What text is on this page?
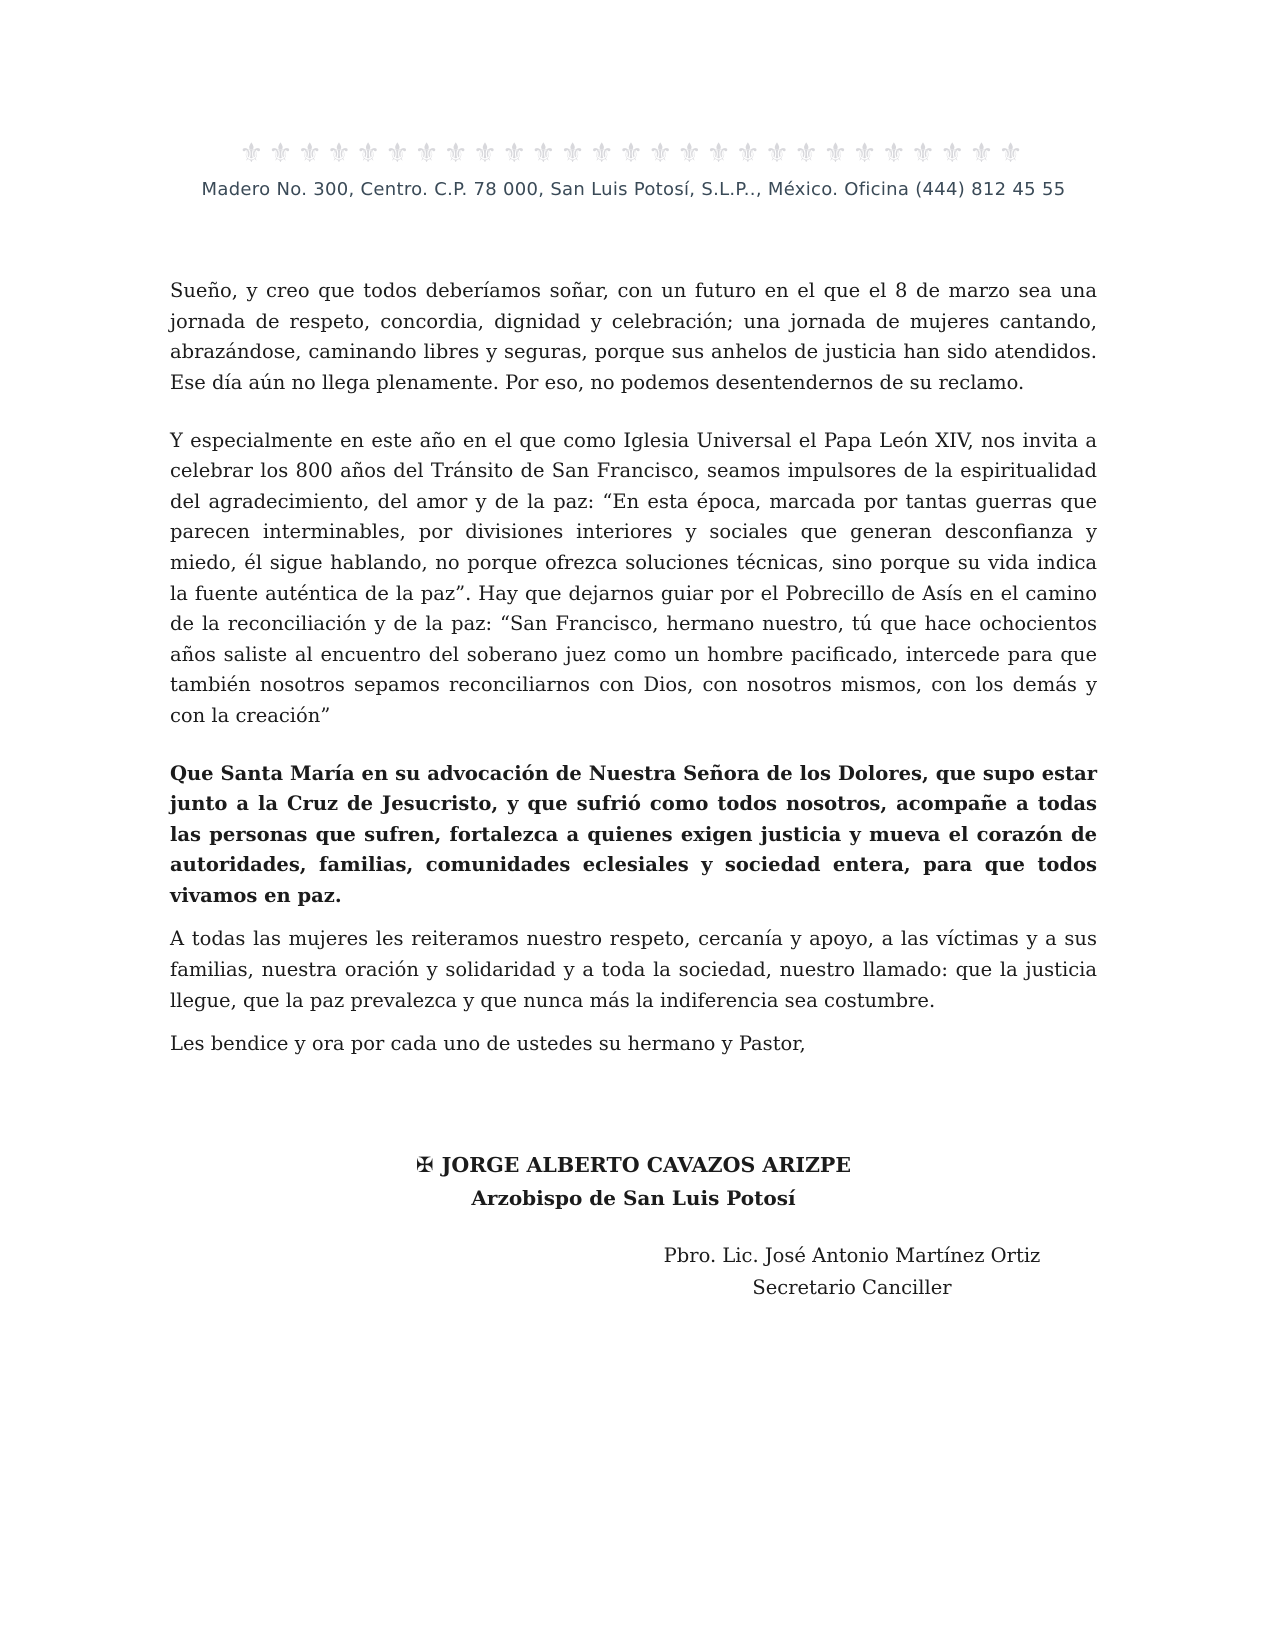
⚜⚜⚜⚜⚜⚜⚜⚜⚜⚜⚜⚜⚜⚜⚜⚜⚜⚜⚜⚜⚜⚜⚜⚜⚜⚜⚜
Madero No. 300, Centro. C.P. 78 000, San Luis Potosí, S.L.P.., México. Oficina (444) 812 45 55

Sueño, y creo que todos deberíamos soñar, con un futuro en el que el 8 de marzo sea una jornada de respeto, concordia, dignidad y celebración; una jornada de mujeres cantando, abrazándose, caminando libres y seguras, porque sus anhelos de justicia han sido atendidos. Ese día aún no llega plenamente. Por eso, no podemos desentendernos de su reclamo.

Y especialmente en este año en el que como Iglesia Universal el Papa León XIV, nos invita a celebrar los 800 años del Tránsito de San Francisco, seamos impulsores de la espiritualidad del agradecimiento, del amor y de la paz: “En esta época, marcada por tantas guerras que parecen interminables, por divisiones interiores y sociales que generan desconfianza y miedo, él sigue hablando, no porque ofrezca soluciones técnicas, sino porque su vida indica la fuente auténtica de la paz”. Hay que dejarnos guiar por el Pobrecillo de Asís en el camino de la reconciliación y de la paz: “San Francisco, hermano nuestro, tú que hace ochocientos años saliste al encuentro del soberano juez como un hombre pacificado, intercede para que también nosotros sepamos reconciliarnos con Dios, con nosotros mismos, con los demás y con la creación”

Que Santa María en su advocación de Nuestra Señora de los Dolores, que supo estar junto a la Cruz de Jesucristo, y que sufrió como todos nosotros, acompañe a todas las personas que sufren, fortalezca a quienes exigen justicia y mueva el corazón de autoridades, familias, comunidades eclesiales y sociedad entera, para que todos vivamos en paz.

A todas las mujeres les reiteramos nuestro respeto, cercanía y apoyo, a las víctimas y a sus familias, nuestra oración y solidaridad y a toda la sociedad, nuestro llamado: que la justicia llegue, que la paz prevalezca y que nunca más la indiferencia sea costumbre.

Les bendice y ora por cada uno de ustedes su hermano y Pastor,

✠ JORGE ALBERTO CAVAZOS ARIZPE
Arzobispo de San Luis Potosí
Pbro. Lic. José Antonio Martínez Ortiz
Secretario Canciller
